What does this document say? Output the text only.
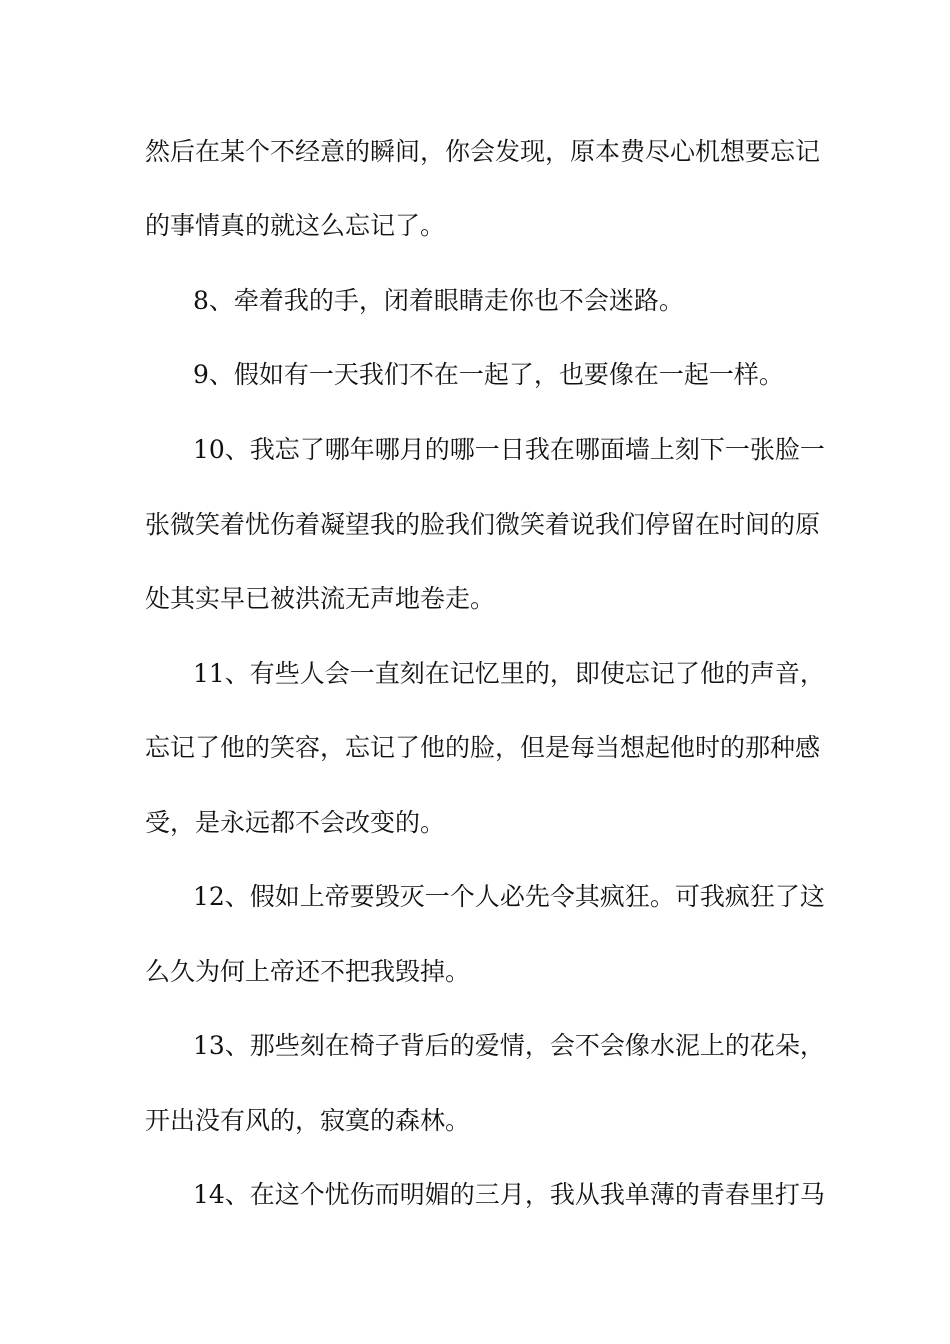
然后在某个不经意的瞬间，你会发现，原本费尽心机想要忘记
的事情真的就这么忘记了。
8、牵着我的手，闭着眼睛走你也不会迷路。
9、假如有一天我们不在一起了，也要像在一起一样。
10、我忘了哪年哪月的哪一日我在哪面墙上刻下一张脸一
张微笑着忧伤着凝望我的脸我们微笑着说我们停留在时间的原
处其实早已被洪流无声地卷走。
11、有些人会一直刻在记忆里的，即使忘记了他的声音，
忘记了他的笑容，忘记了他的脸，但是每当想起他时的那种感
受，是永远都不会改变的。
12、假如上帝要毁灭一个人必先令其疯狂。可我疯狂了这
么久为何上帝还不把我毁掉。
13、那些刻在椅子背后的爱情，会不会像水泥上的花朵，
开出没有风的，寂寞的森林。
14、在这个忧伤而明媚的三月，我从我单薄的青春里打马
